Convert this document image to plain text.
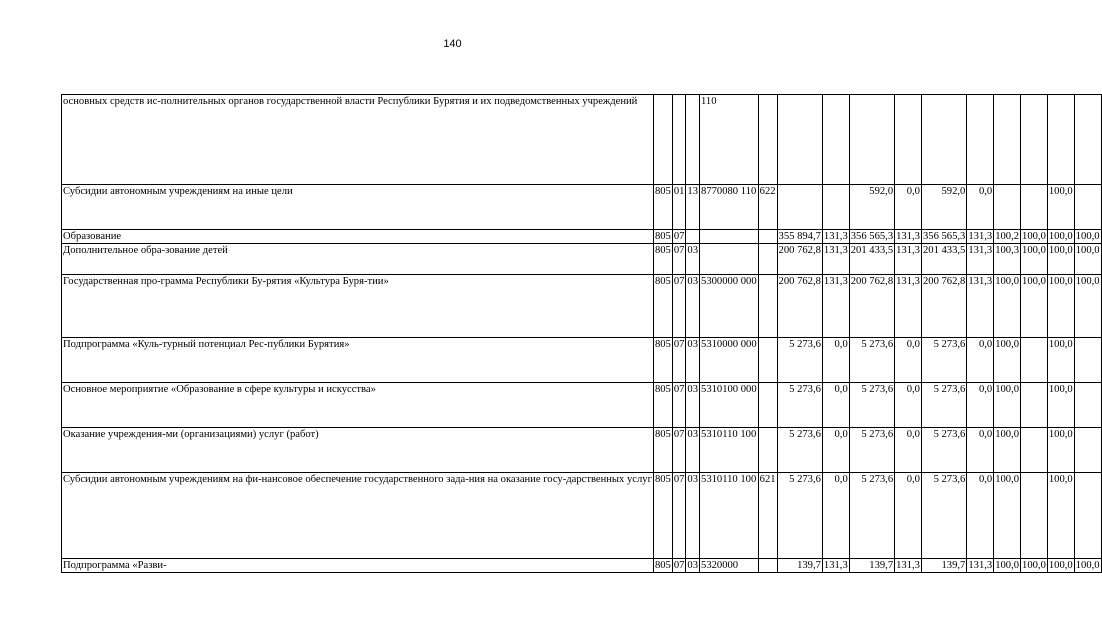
140
основных средств ис-полнительных органов государственной власти Республики Бурятия и их подведомственных учреждений				110											
Субсидии автономным учреждениям на иные цели	805	01	13	8770080 110	622			592,0	0,0	592,0	0,0			100,0	
Образование	805	07				355 894,7	131,3	356 565,3	131,3	356 565,3	131,3	100,2	100,0	100,0	100,0
Дополнительное обра-зование детей	805	07	03			200 762,8	131,3	201 433,5	131,3	201 433,5	131,3	100,3	100,0	100,0	100,0
Государственная про-грамма Республики Бу-рятия «Культура Буря-тии»	805	07	03	5300000 000		200 762,8	131,3	200 762,8	131,3	200 762,8	131,3	100,0	100,0	100,0	100,0
Подпрограмма «Куль-турный потенциал Рес-публики Бурятия»	805	07	03	5310000 000		5 273,6	0,0	5 273,6	0,0	5 273,6	0,0	100,0		100,0	
Основное мероприятие «Образование в сфере культуры и искусства»	805	07	03	5310100 000		5 273,6	0,0	5 273,6	0,0	5 273,6	0,0	100,0		100,0	
Оказание учреждения-ми (организациями) услуг (работ)	805	07	03	5310110 100		5 273,6	0,0	5 273,6	0,0	5 273,6	0,0	100,0		100,0	
Субсидии автономным учреждениям на фи-нансовое обеспечение государственного зада-ния на оказание госу-дарственных услуг	805	07	03	5310110 100	621	5 273,6	0,0	5 273,6	0,0	5 273,6	0,0	100,0		100,0	
Подпрограмма «Разви-	805	07	03	5320000		139,7	131,3	139,7	131,3	139,7	131,3	100,0	100,0	100,0	100,0
